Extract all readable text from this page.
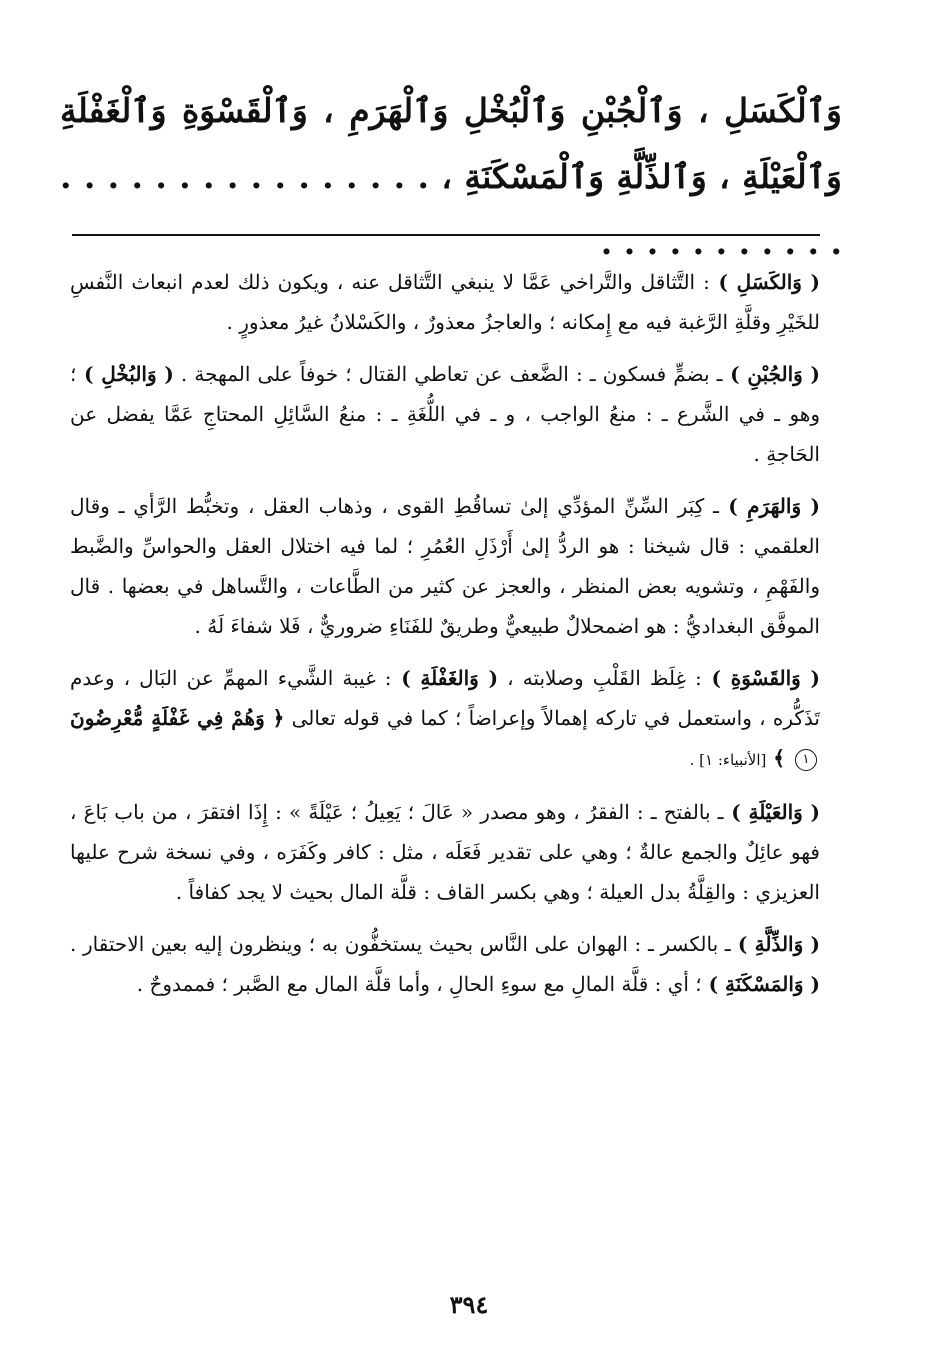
وَٱلْكَسَلِ ، وَٱلْجُبْنِ وَٱلْبُخْلِ وَٱلْهَرَمِ ، وَٱلْقَسْوَةِ وَٱلْغَفْلَةِ وَٱلْعَيْلَةِ ، وَٱلذِّلَّةِ وَٱلْمَسْكَنَةِ ، . . . . . . . . . . . . . . . . . . . . . . . . . . .

( وَالكَسَلِ ) : التَّثاقل والتَّراخي عَمَّا لا ينبغي التَّثاقل عنه ، ويكون ذلك لعدم انبعاث النَّفسِ للخَيْرِ وقلَّةِ الرَّغبة فيه مع إِمكانه ؛ والعاجزُ معذورٌ ، والكَسْلانُ غيرُ معذورٍ .

( وَالجُبْنِ ) ـ بضمٍّ فسكون ـ : الضَّعف عن تعاطي القتال ؛ خوفاً على المهجة . ( وَالبُخْلِ ) ؛ وهو ـ في الشَّرع ـ : منعُ الواجب ، و ـ في اللُّغَةِ ـ : منعُ السَّائِلِ المحتاجِ عَمَّا يفضل عن الحَاجةِ .

( وَالهَرَمِ ) ـ كِبَر السِّنِّ المؤدِّي إلىٰ تساقُطِ القوى ، وذهاب العقل ، وتخبُّط الرَّأي ـ وقال العلقمي : قال شيخنا : هو الردُّ إلىٰ أَرْذَلِ العُمُرِ ؛ لما فيه اختلال العقل والحواسِّ والضَّبط والفَهْمِ ، وتشويه بعض المنظر ، والعجز عن كثير من الطَّاعات ، والتَّساهل في بعضها . قال الموفَّق البغداديُّ : هو اضمحلالٌ طبيعيٌّ وطريقٌ للفَنَاءِ ضروريٌّ ، فَلا شفاءَ لَهُ .

( وَالقَسْوَةِ ) : غِلَظ القَلْبِ وصلابته ، ( وَالغَفْلَةِ ) : غيبة الشَّيء المهمِّ عن البَال ، وعدم تَذَكُّره ، واستعمل في تاركه إهمالاً وإعراضاً ؛ كما في قوله تعالى ﴿ وَهُمْ فِي غَفْلَةٍ مُّعْرِضُونَ ١ ﴾ [الأنبياء: ١] .

( وَالعَيْلَةِ ) ـ بالفتح ـ : الفقرُ ، وهو مصدر « عَالَ ؛ يَعِيلُ ؛ عَيْلَةً » : إِذَا افتقرَ ، من باب بَاعَ ، فهو عائِلٌ والجمع عالةٌ ؛ وهي على تقدير فَعَلَه ، مثل : كافر وكَفَرَه ، وفي نسخة شرح عليها العزيزي : والقِلَّةُ بدل العيلة ؛ وهي بكسر القاف : قلَّة المال بحيث لا يجد كفافاً .

( وَالذِّلَّةِ ) ـ بالكسر ـ : الهوان على النَّاس بحيث يستخفُّون به ؛ وينظرون إليه بعين الاحتقار . ( وَالمَسْكَنَةِ ) ؛ أي : قلَّة المالِ مع سوءِ الحالِ ، وأما قلَّة المال مع الصَّبر ؛ فممدوحٌ .

٣٩٤
